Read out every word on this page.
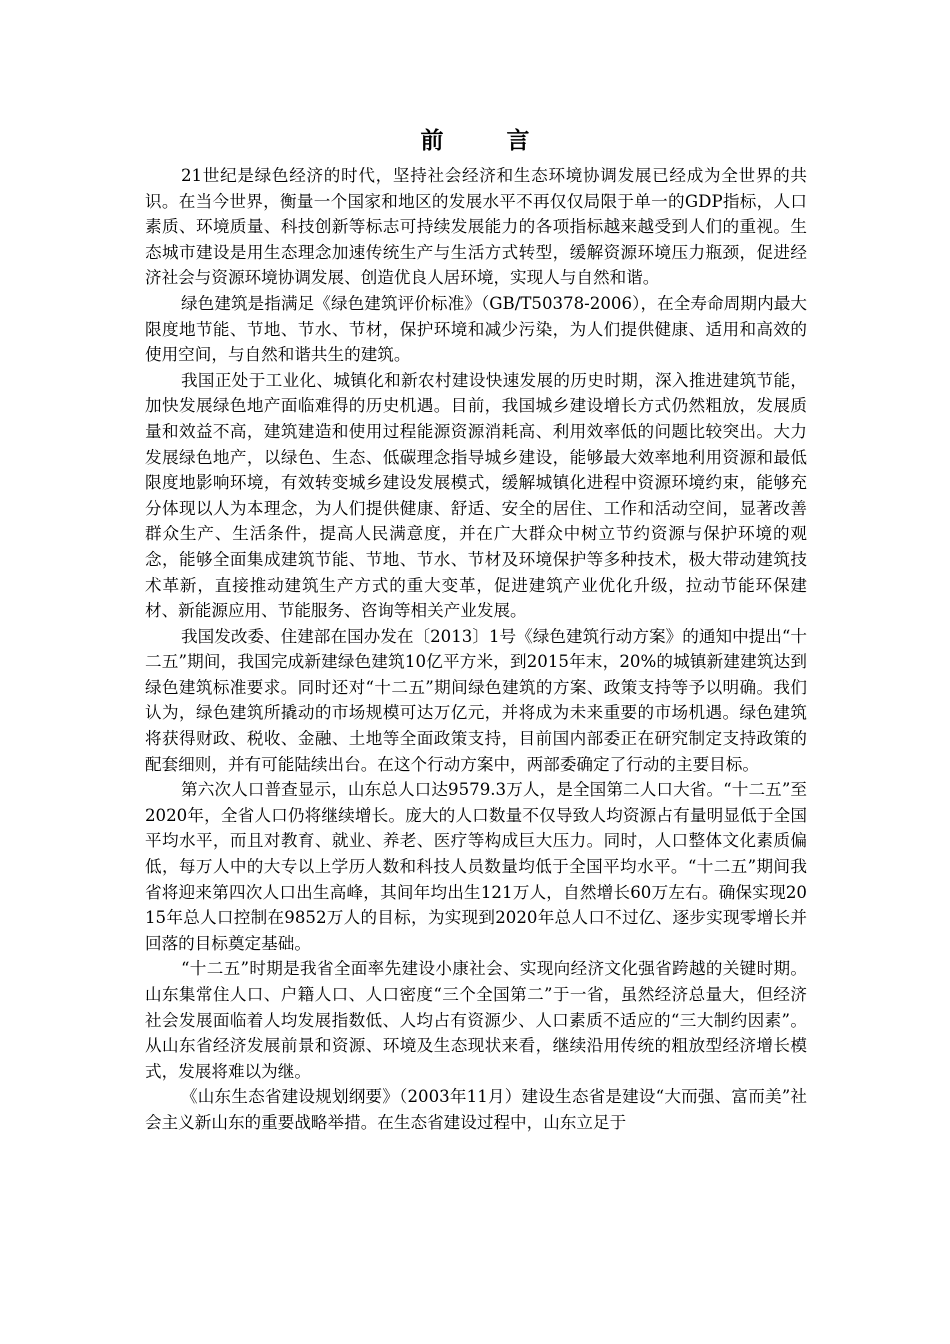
前　言

21世纪是绿色经济的时代，坚持社会经济和生态环境协调发展已经成为全世界的共识。在当今世界，衡量一个国家和地区的发展水平不再仅仅局限于单一的GDP指标，人口素质、环境质量、科技创新等标志可持续发展能力的各项指标越来越受到人们的重视。生态城市建设是用生态理念加速传统生产与生活方式转型，缓解资源环境压力瓶颈，促进经济社会与资源环境协调发展、创造优良人居环境，实现人与自然和谐。

绿色建筑是指满足《绿色建筑评价标准》（GB/T50378-2006），在全寿命周期内最大限度地节能、节地、节水、节材，保护环境和减少污染，为人们提供健康、适用和高效的使用空间，与自然和谐共生的建筑。

我国正处于工业化、城镇化和新农村建设快速发展的历史时期，深入推进建筑节能，加快发展绿色地产面临难得的历史机遇。目前，我国城乡建设增长方式仍然粗放，发展质量和效益不高，建筑建造和使用过程能源资源消耗高、利用效率低的问题比较突出。大力发展绿色地产，以绿色、生态、低碳理念指导城乡建设，能够最大效率地利用资源和最低限度地影响环境，有效转变城乡建设发展模式，缓解城镇化进程中资源环境约束，能够充分体现以人为本理念，为人们提供健康、舒适、安全的居住、工作和活动空间，显著改善群众生产、生活条件，提高人民满意度，并在广大群众中树立节约资源与保护环境的观念，能够全面集成建筑节能、节地、节水、节材及环境保护等多种技术，极大带动建筑技术革新，直接推动建筑生产方式的重大变革，促进建筑产业优化升级，拉动节能环保建材、新能源应用、节能服务、咨询等相关产业发展。

我国发改委、住建部在国办发在〔2013〕1号《绿色建筑行动方案》的通知中提出“十二五”期间，我国完成新建绿色建筑10亿平方米，到2015年末，20%的城镇新建建筑达到绿色建筑标准要求。同时还对“十二五”期间绿色建筑的方案、政策支持等予以明确。我们认为，绿色建筑所撬动的市场规模可达万亿元，并将成为未来重要的市场机遇。绿色建筑将获得财政、税收、金融、土地等全面政策支持，目前国内部委正在研究制定支持政策的配套细则，并有可能陆续出台。在这个行动方案中，两部委确定了行动的主要目标。

第六次人口普查显示，山东总人口达9579.3万人，是全国第二人口大省。“十二五”至2020年，全省人口仍将继续增长。庞大的人口数量不仅导致人均资源占有量明显低于全国平均水平，而且对教育、就业、养老、医疗等构成巨大压力。同时，人口整体文化素质偏低，每万人中的大专以上学历人数和科技人员数量均低于全国平均水平。“十二五”期间我省将迎来第四次人口出生高峰，其间年均出生121万人，自然增长60万左右。确保实现2015年总人口控制在9852万人的目标，为实现到2020年总人口不过亿、逐步实现零增长并回落的目标奠定基础。

“十二五”时期是我省全面率先建设小康社会、实现向经济文化强省跨越的关键时期。山东集常住人口、户籍人口、人口密度“三个全国第二”于一省，虽然经济总量大，但经济社会发展面临着人均发展指数低、人均占有资源少、人口素质不适应的“三大制约因素”。从山东省经济发展前景和资源、环境及生态现状来看，继续沿用传统的粗放型经济增长模式，发展将难以为继。

《山东生态省建设规划纲要》（2003年11月）建设生态省是建设“大而强、富而美”社会主义新山东的重要战略举措。在生态省建设过程中，山东立足于
